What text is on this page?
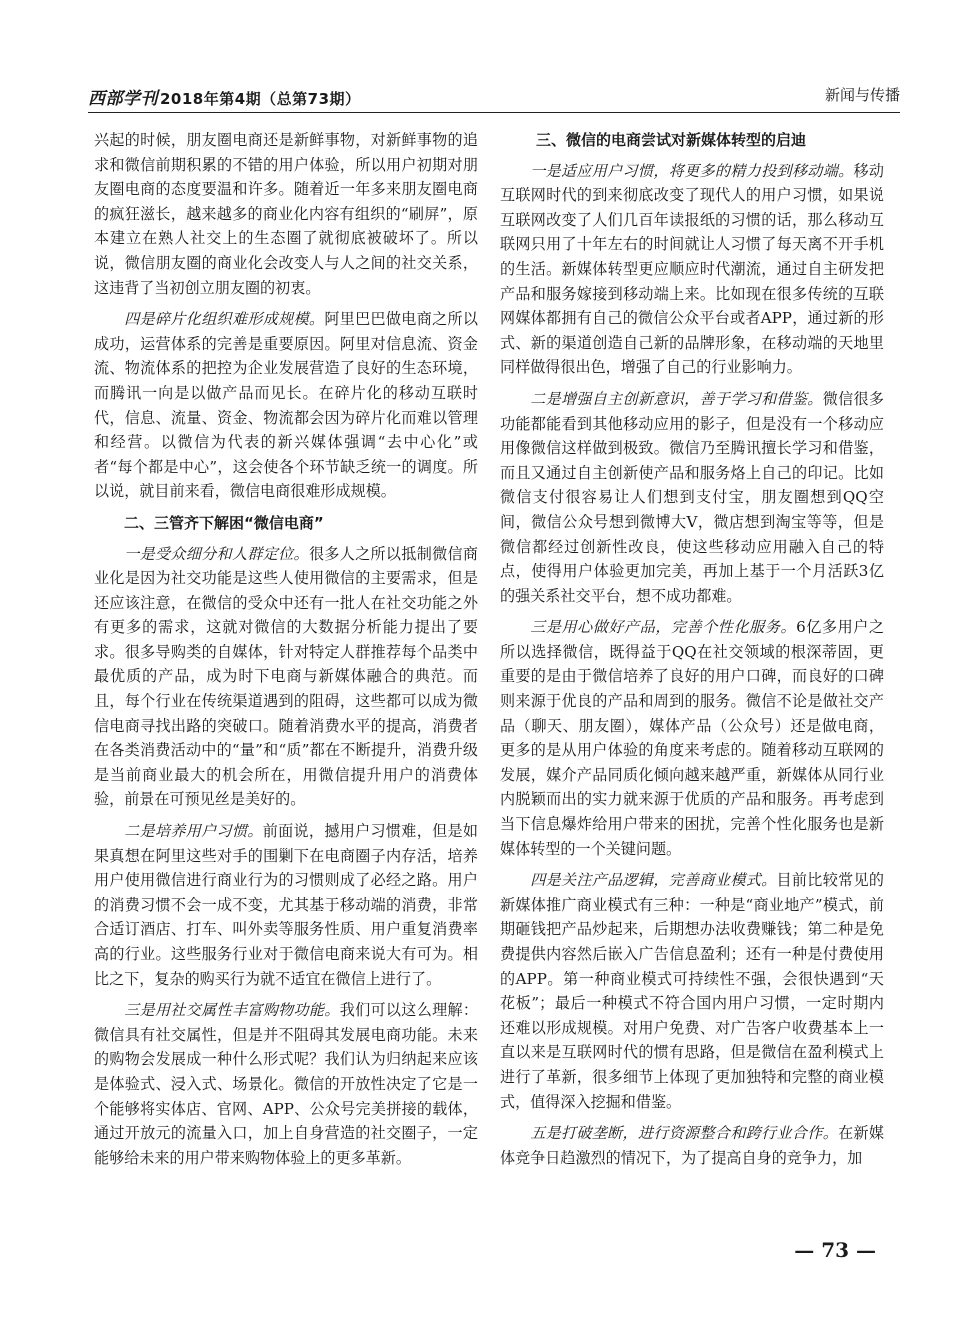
西部学刊 2018年第4期（总第73期）	新闻与传播

兴起的时候，朋友圈电商还是新鲜事物，对新鲜事物的追求和微信前期积累的不错的用户体验，所以用户初期对朋友圈电商的态度要温和许多。随着近一年多来朋友圈电商的疯狂滋长，越来越多的商业化内容有组织的“刷屏”，原本建立在熟人社交上的生态圈了就彻底被破坏了。所以说，微信朋友圈的商业化会改变人与人之间的社交关系，这违背了当初创立朋友圈的初衷。

四是碎片化组织难形成规模。阿里巴巴做电商之所以成功，运营体系的完善是重要原因。阿里对信息流、资金流、物流体系的把控为企业发展营造了良好的生态环境，而腾讯一向是以做产品而见长。在碎片化的移动互联时代，信息、流量、资金、物流都会因为碎片化而难以管理和经营。以微信为代表的新兴媒体强调“去中心化”或者“每个都是中心”，这会使各个环节缺乏统一的调度。所以说，就目前来看，微信电商很难形成规模。

二、三管齐下解困“微信电商”

一是受众细分和人群定位。很多人之所以抵制微信商业化是因为社交功能是这些人使用微信的主要需求，但是还应该注意，在微信的受众中还有一批人在社交功能之外有更多的需求，这就对微信的大数据分析能力提出了要求。很多导购类的自媒体，针对特定人群推荐每个品类中最优质的产品，成为时下电商与新媒体融合的典范。而且，每个行业在传统渠道遇到的阻碍，这些都可以成为微信电商寻找出路的突破口。随着消费水平的提高，消费者在各类消费活动中的“量”和“质”都在不断提升，消费升级是当前商业最大的机会所在，用微信提升用户的消费体验，前景在可预见丝是美好的。

二是培养用户习惯。前面说，撼用户习惯难，但是如果真想在阿里这些对手的围剿下在电商圈子内存活，培养用户使用微信进行商业行为的习惯则成了必经之路。用户的消费习惯不会一成不变，尤其基于移动端的消费，非常合适订酒店、打车、叫外卖等服务性质、用户重复消费率高的行业。这些服务行业对于微信电商来说大有可为。相比之下，复杂的购买行为就不适宜在微信上进行了。

三是用社交属性丰富购物功能。我们可以这么理解：微信具有社交属性，但是并不阻碍其发展电商功能。未来的购物会发展成一种什么形式呢？我们认为归纳起来应该是体验式、浸入式、场景化。微信的开放性决定了它是一个能够将实体店、官网、APP、公众号完美拼接的载体，通过开放元的流量入口，加上自身营造的社交圈子，一定能够给未来的用户带来购物体验上的更多革新。

三、微信的电商尝试对新媒体转型的启迪

一是适应用户习惯，将更多的精力投到移动端。移动互联网时代的到来彻底改变了现代人的用户习惯，如果说互联网改变了人们几百年读报纸的习惯的话，那么移动互联网只用了十年左右的时间就让人习惯了每天离不开手机的生活。新媒体转型更应顺应时代潮流，通过自主研发把产品和服务嫁接到移动端上来。比如现在很多传统的互联网媒体都拥有自己的微信公众平台或者APP，通过新的形式、新的渠道创造自己新的品牌形象，在移动端的天地里同样做得很出色，增强了自己的行业影响力。

二是增强自主创新意识，善于学习和借鉴。微信很多功能都能看到其他移动应用的影子，但是没有一个移动应用像微信这样做到极致。微信乃至腾讯擅长学习和借鉴，而且又通过自主创新使产品和服务烙上自己的印记。比如微信支付很容易让人们想到支付宝，朋友圈想到QQ空间，微信公众号想到微博大V，微店想到淘宝等等，但是微信都经过创新性改良，使这些移动应用融入自己的特点，使得用户体验更加完美，再加上基于一个月活跃3亿的强关系社交平台，想不成功都难。

三是用心做好产品，完善个性化服务。6亿多用户之所以选择微信，既得益于QQ在社交领域的根深蒂固，更重要的是由于微信培养了良好的用户口碑，而良好的口碑则来源于优良的产品和周到的服务。微信不论是做社交产品（聊天、朋友圈），媒体产品（公众号）还是做电商，更多的是从用户体验的角度来考虑的。随着移动互联网的发展，媒介产品同质化倾向越来越严重，新媒体从同行业内脱颖而出的实力就来源于优质的产品和服务。再考虑到当下信息爆炸给用户带来的困扰，完善个性化服务也是新媒体转型的一个关键问题。

四是关注产品逻辑，完善商业模式。目前比较常见的新媒体推广商业模式有三种：一种是“商业地产”模式，前期砸钱把产品炒起来，后期想办法收费赚钱；第二种是免费提供内容然后嵌入广告信息盈利；还有一种是付费使用的APP。第一种商业模式可持续性不强，会很快遇到“天花板”；最后一种模式不符合国内用户习惯，一定时期内还难以形成规模。对用户免费、对广告客户收费基本上一直以来是互联网时代的惯有思路，但是微信在盈利模式上进行了革新，很多细节上体现了更加独特和完整的商业模式，值得深入挖掘和借鉴。

五是打破垄断，进行资源整合和跨行业合作。在新媒体竞争日趋激烈的情况下，为了提高自身的竞争力，加

— 73 —
